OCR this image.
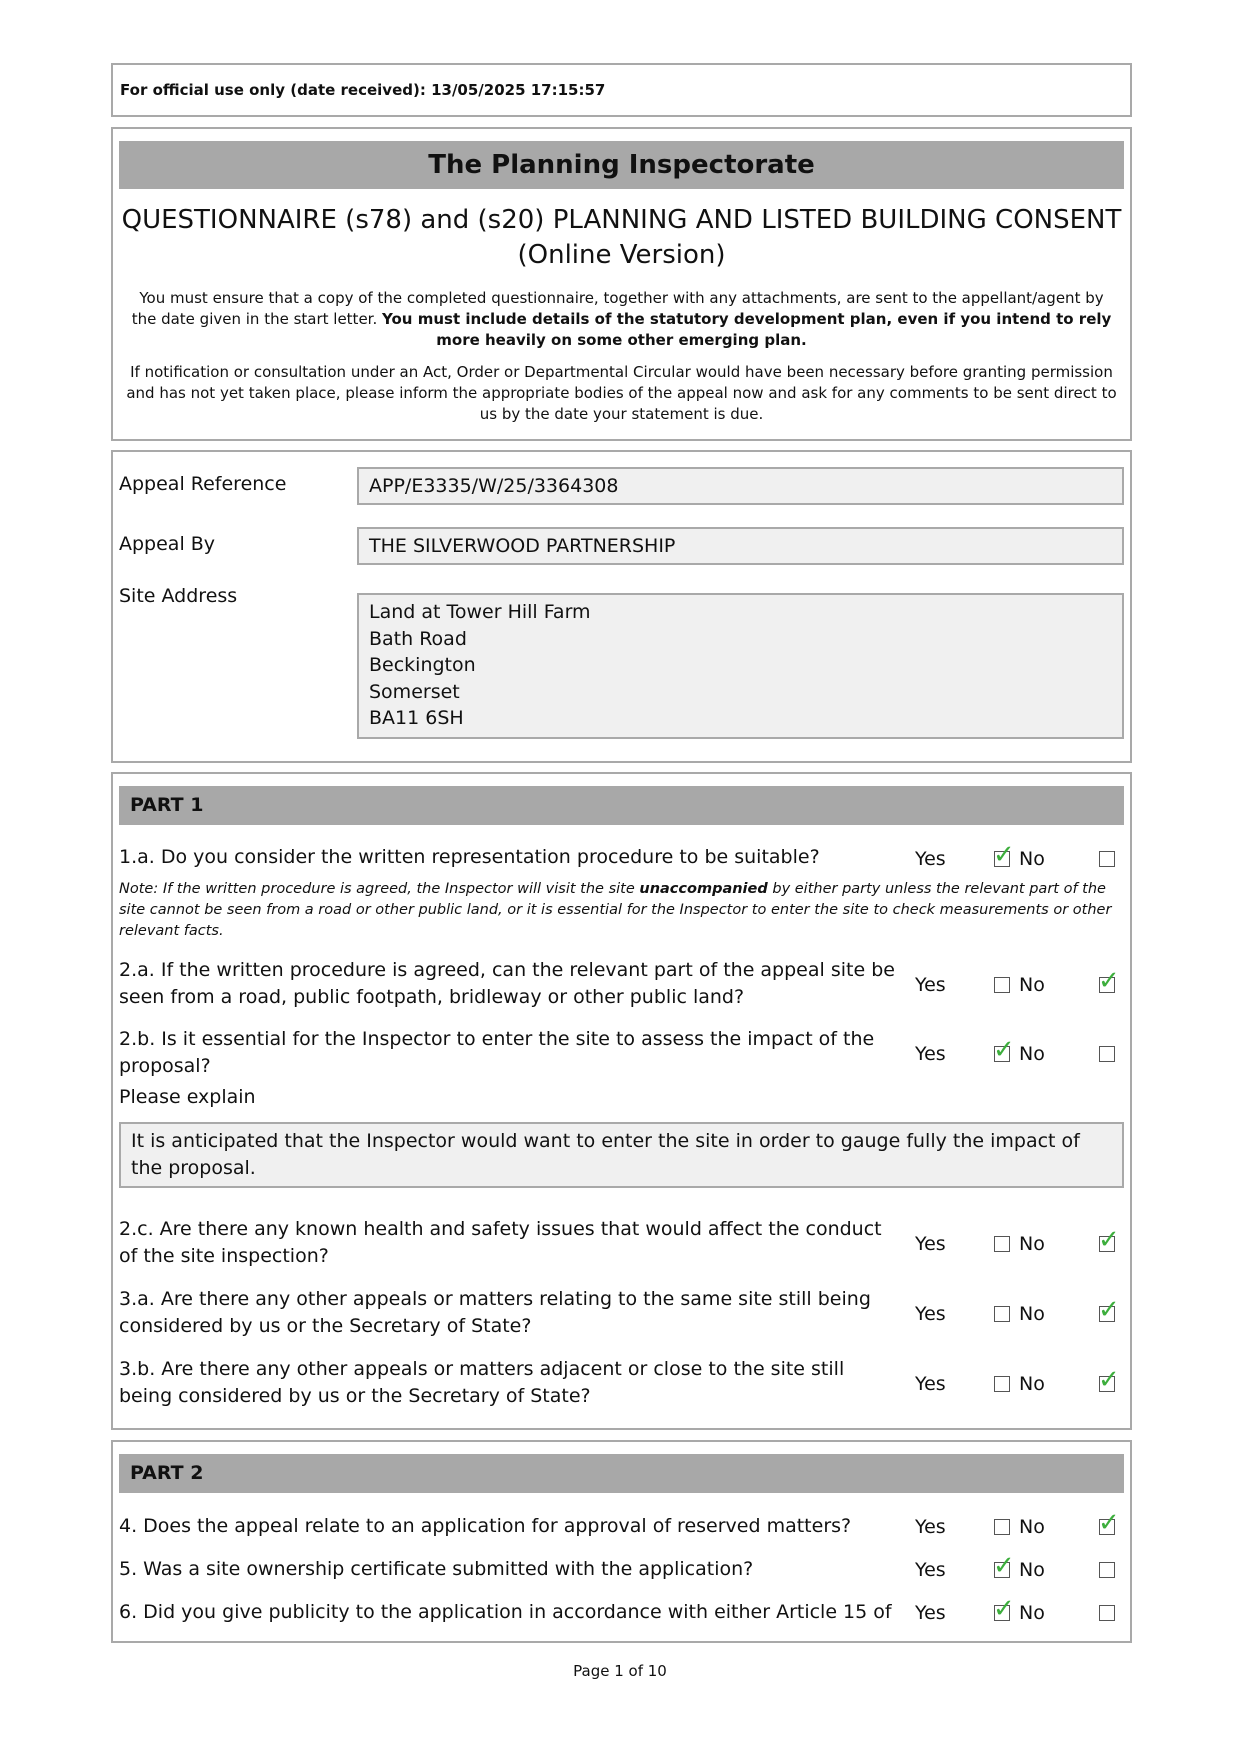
For official use only (date received): 13/05/2025 17:15:57
The Planning Inspectorate
QUESTIONNAIRE (s78) and (s20) PLANNING AND LISTED BUILDING CONSENT
(Online Version)
You must ensure that a copy of the completed questionnaire, together with any attachments, are sent to the appellant/agent by the date given in the start letter. You must include details of the statutory development plan, even if you intend to rely more heavily on some other emerging plan.
If notification or consultation under an Act, Order or Departmental Circular would have been necessary before granting permission and has not yet taken place, please inform the appropriate bodies of the appeal now and ask for any comments to be sent direct to us by the date your statement is due.
Appeal Reference	APP/E3335/W/25/3364308
Appeal By	THE SILVERWOOD PARTNERSHIP
Site Address
Land at Tower Hill Farm
Bath Road
Beckington
Somerset
BA11 6SH
PART 1
1.a. Do you consider the written representation procedure to be suitable?	Yes ✓ No
Note: If the written procedure is agreed, the Inspector will visit the site unaccompanied by either party unless the relevant part of the site cannot be seen from a road or other public land, or it is essential for the Inspector to enter the site to check measurements or other relevant facts.
2.a. If the written procedure is agreed, can the relevant part of the appeal site be seen from a road, public footpath, bridleway or other public land?
Yes	No ✓
2.b. Is it essential for the Inspector to enter the site to assess the impact of the proposal?
Yes ✓ No
Please explain
It is anticipated that the Inspector would want to enter the site in order to gauge fully the impact of the proposal.
2.c. Are there any known health and safety issues that would affect the conduct of the site inspection?
Yes	No ✓
3.a. Are there any other appeals or matters relating to the same site still being considered by us or the Secretary of State?
Yes	No ✓
3.b. Are there any other appeals or matters adjacent or close to the site still being considered by us or the Secretary of State?
Yes	No ✓
PART 2
4. Does the appeal relate to an application for approval of reserved matters?	Yes	No ✓
5. Was a site ownership certificate submitted with the application?	Yes ✓ No
6. Did you give publicity to the application in accordance with either Article 15 of	Yes ✓ No
Page 1 of 10
